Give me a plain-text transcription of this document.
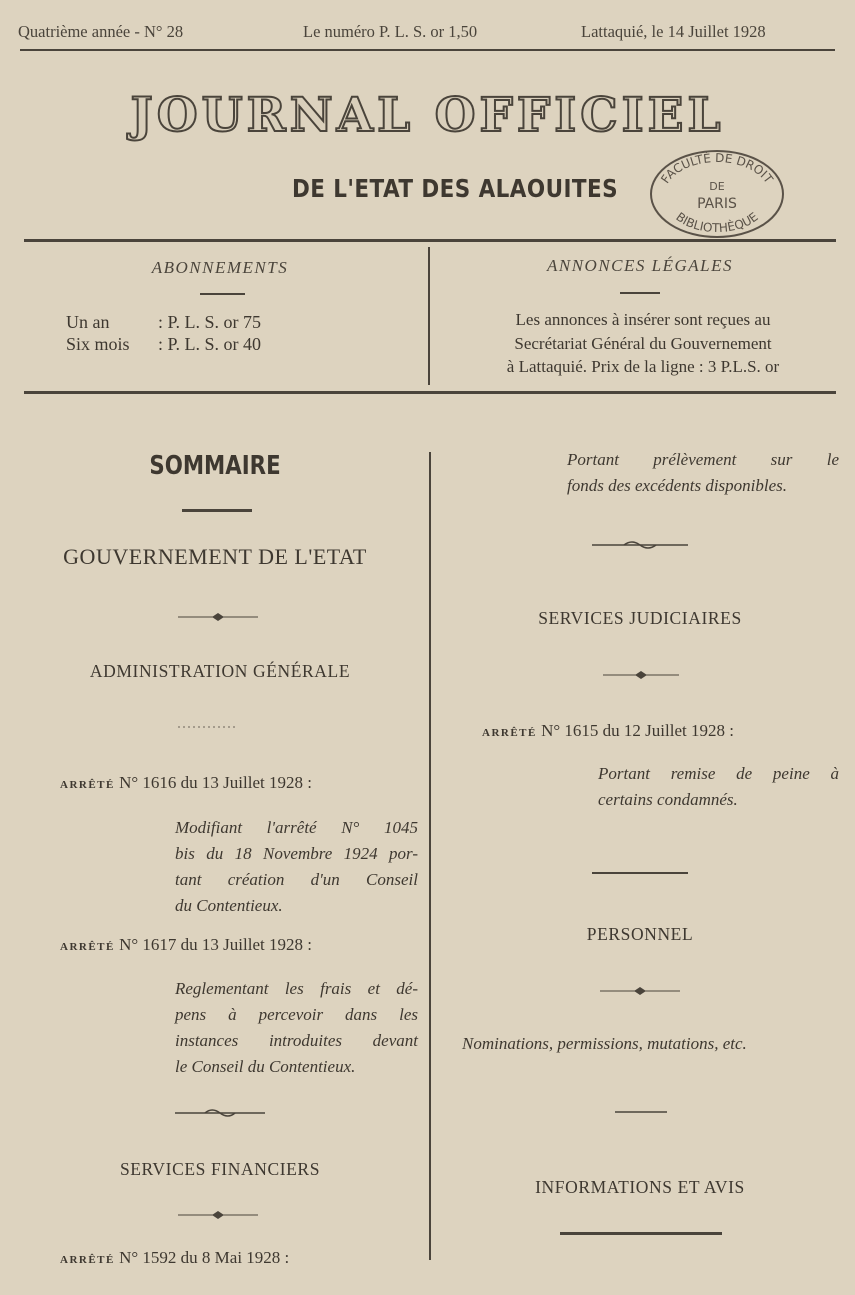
Quatrième année - N° 28	Le numéro P. L. S. or 1,50	Lattaquié, le 14 Juillet 1928
JOURNAL OFFICIEL
DE L'ETAT DES ALAOUITES	FACULTÉ DE DROIT
DE
PARIS
BIBLIOTHÈQUE
ABONNEMENTS
Un an	: P. L. S. or 75
Six mois : P. L. S. or 40
ANNONCES LÉGALES
Les annonces à insérer sont reçues au
Secrétariat Général du Gouvernement
à Lattaquié. Prix de la ligne : 3 P.L.S. or
SOMMAIRE
GOUVERNEMENT DE L'ETAT
ADMINISTRATION GÉNÉRALE
ARRÊTÉ N° 1616 du 13 Juillet 1928 :
Modifiant l'arrêté N° 1045
bis du 18 Novembre 1924 por-
tant création d'un Conseil
du Contentieux.
ARRÊTÉ N° 1617 du 13 Juillet 1928 :
Reglementant les frais et dé-
pens à percevoir dans les
instances introduites devant
le Conseil du Contentieux.
SERVICES FINANCIERS
ARRÊTÉ N° 1592 du 8 Mai 1928 :
Portant prélèvement sur le
fonds des excédents disponibles.
SERVICES JUDICIAIRES
ARRÊTÉ N° 1615 du 12 Juillet 1928 :
Portant remise de peine à
certains condamnés.
PERSONNEL
Nominations, permissions, mutations, etc.
INFORMATIONS ET AVIS
